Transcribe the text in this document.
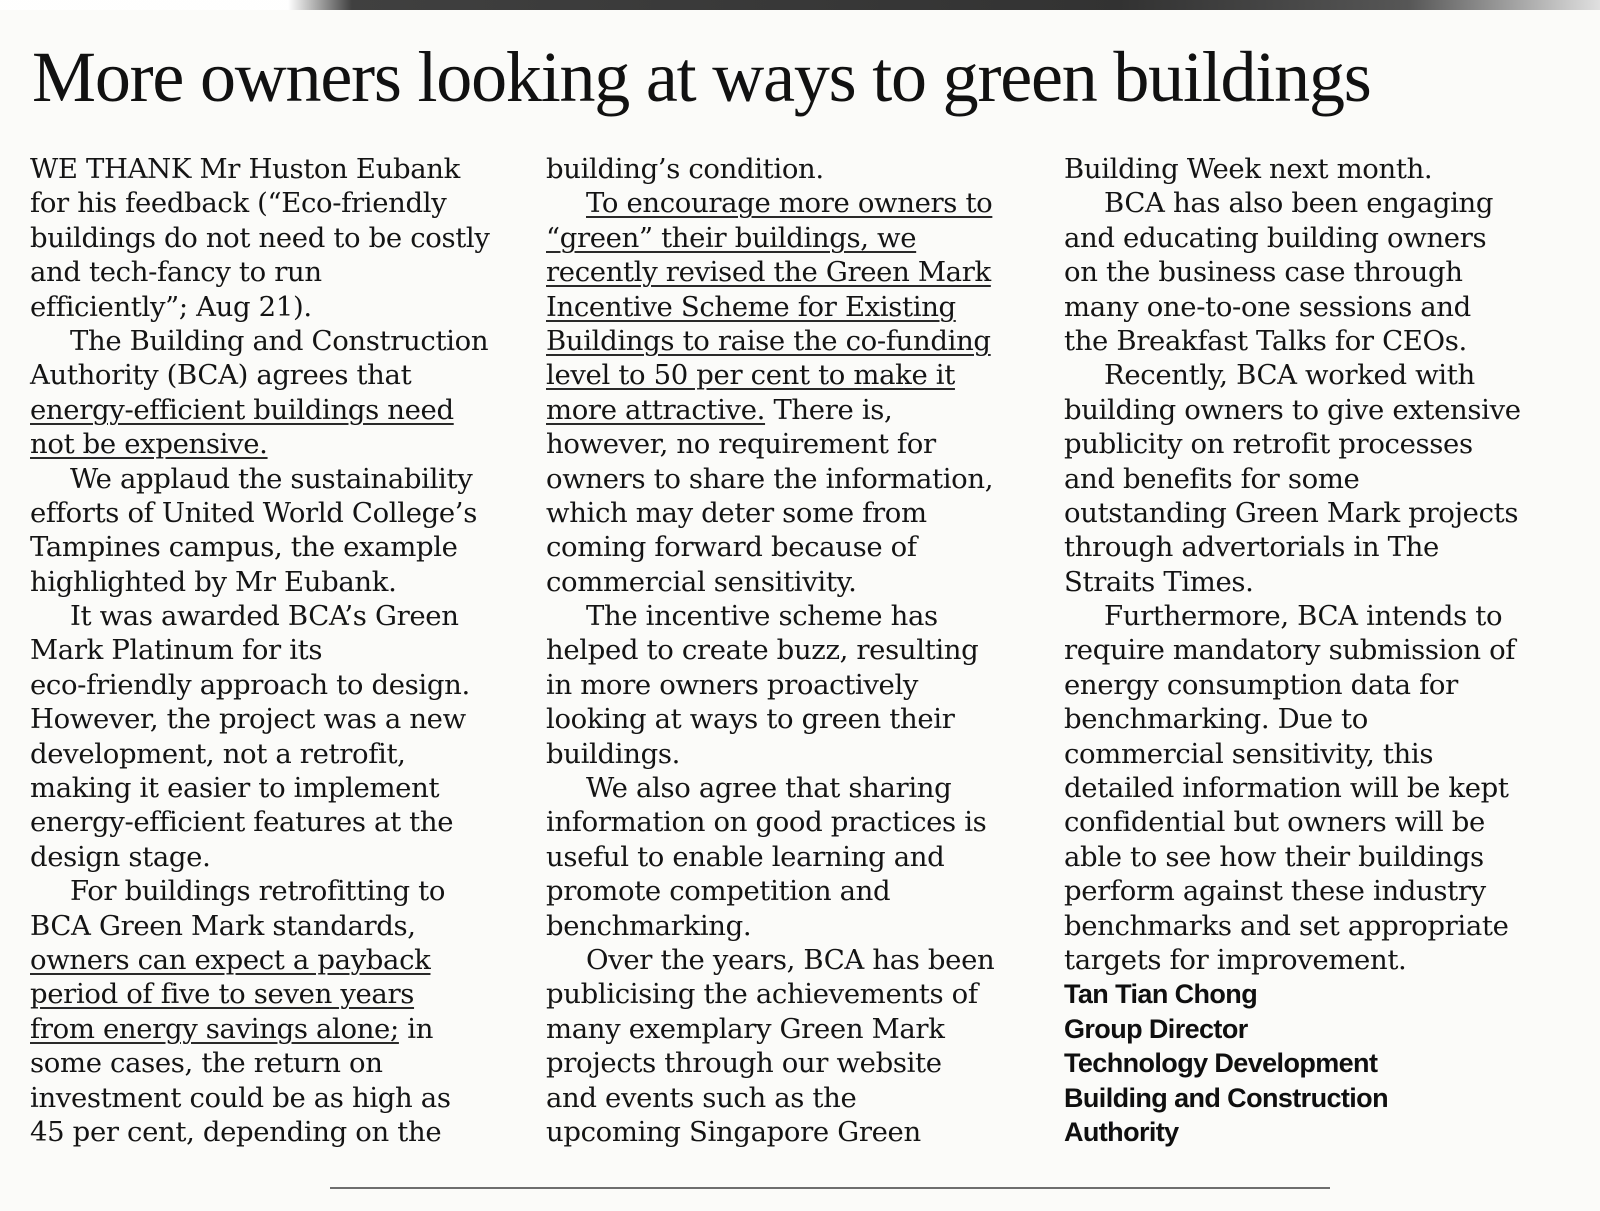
More owners looking at ways to green buildings
WE THANK Mr Huston Eubank
for his feedback (“Eco-friendly
buildings do not need to be costly
and tech-fancy to run
efficiently”; Aug 21).
The Building and Construction
Authority (BCA) agrees that
energy-efficient buildings need
not be expensive.
We applaud the sustainability
efforts of United World College’s
Tampines campus, the example
highlighted by Mr Eubank.
It was awarded BCA’s Green
Mark Platinum for its
eco-friendly approach to design.
However, the project was a new
development, not a retrofit,
making it easier to implement
energy-efficient features at the
design stage.
For buildings retrofitting to
BCA Green Mark standards,
owners can expect a payback
period of five to seven years
from energy savings alone; in
some cases, the return on
investment could be as high as
45 per cent, depending on the
building’s condition.
To encourage more owners to
“green” their buildings, we
recently revised the Green Mark
Incentive Scheme for Existing
Buildings to raise the co-funding
level to 50 per cent to make it
more attractive. There is,
however, no requirement for
owners to share the information,
which may deter some from
coming forward because of
commercial sensitivity.
The incentive scheme has
helped to create buzz, resulting
in more owners proactively
looking at ways to green their
buildings.
We also agree that sharing
information on good practices is
useful to enable learning and
promote competition and
benchmarking.
Over the years, BCA has been
publicising the achievements of
many exemplary Green Mark
projects through our website
and events such as the
upcoming Singapore Green
Building Week next month.
BCA has also been engaging
and educating building owners
on the business case through
many one-to-one sessions and
the Breakfast Talks for CEOs.
Recently, BCA worked with
building owners to give extensive
publicity on retrofit processes
and benefits for some
outstanding Green Mark projects
through advertorials in The
Straits Times.
Furthermore, BCA intends to
require mandatory submission of
energy consumption data for
benchmarking. Due to
commercial sensitivity, this
detailed information will be kept
confidential but owners will be
able to see how their buildings
perform against these industry
benchmarks and set appropriate
targets for improvement.
Tan Tian Chong
Group Director
Technology Development
Building and Construction
Authority
